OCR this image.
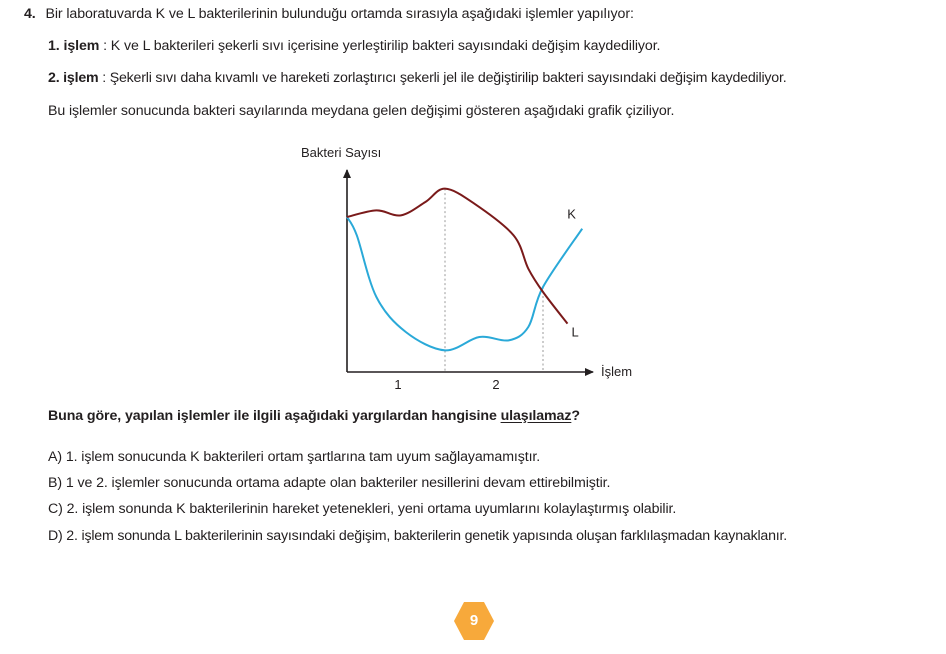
4. Bir laboratuvarda K ve L bakterilerinin bulunduğu ortamda sırasıyla aşağıdaki işlemler yapılıyor:
1. işlem : K ve L bakterileri şekerli sıvı içerisine yerleştirilip bakteri sayısındaki değişim kaydediliyor.
2. işlem : Şekerli sıvı daha kıvamlı ve hareketi zorlaştırıcı şekerli jel ile değiştirilip bakteri sayısındaki değişim kaydediliyor.
Bu işlemler sonucunda bakteri sayılarında meydana gelen değişimi gösteren aşağıdaki grafik çiziliyor.
Bakteri Sayısı
İşlem
1	2
K
L
Buna göre, yapılan işlemler ile ilgili aşağıdaki yargılardan hangisine ulaşılamaz?
A) 1. işlem sonucunda K bakterileri ortam şartlarına tam uyum sağlayamamıştır.
B) 1 ve 2. işlemler sonucunda ortama adapte olan bakteriler nesillerini devam ettirebilmiştir.
C) 2. işlem sonunda K bakterilerinin hareket yetenekleri, yeni ortama uyumlarını kolaylaştırmış olabilir.
D) 2. işlem sonunda L bakterilerinin sayısındaki değişim, bakterilerin genetik yapısında oluşan farklılaşmadan kaynaklanır.
9
